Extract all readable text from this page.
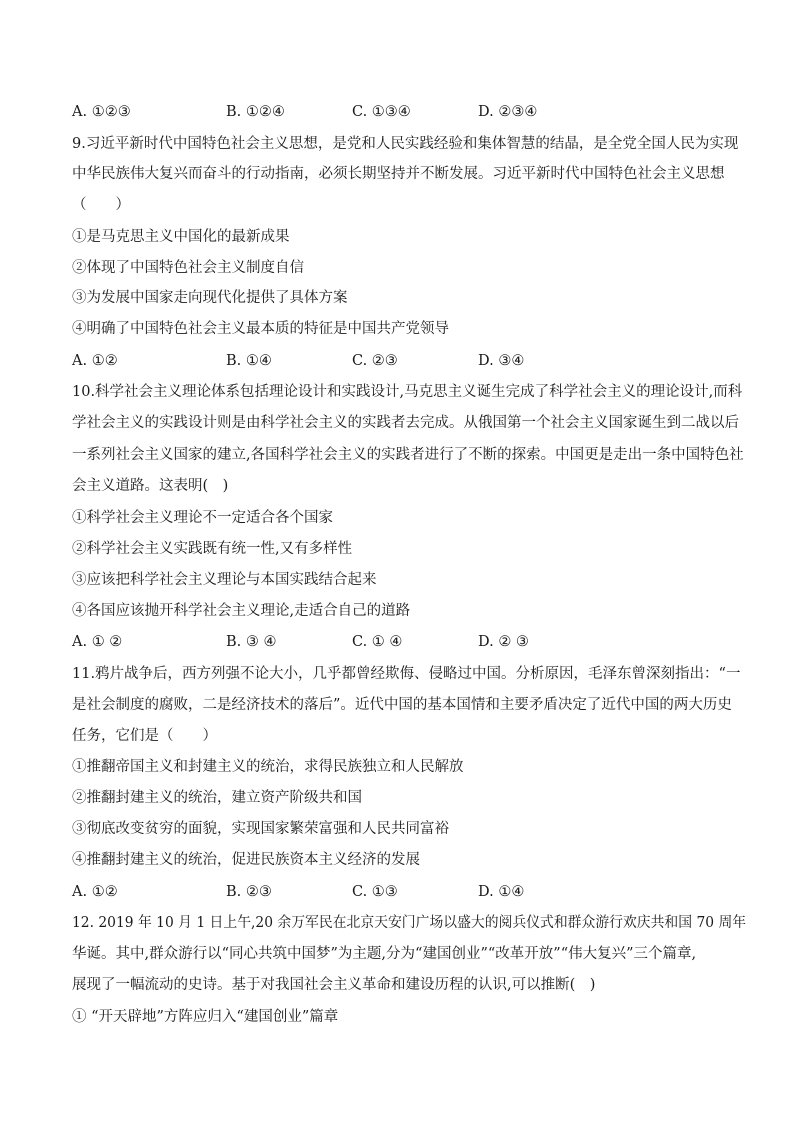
A. ①②③	B. ①②④	C. ①③④	D. ②③④
9.习近平新时代中国特色社会主义思想，是党和人民实践经验和集体智慧的结晶，是全党全国人民为实现
中华民族伟大复兴而奋斗的行动指南，必须长期坚持并不断发展。习近平新时代中国特色社会主义思想
（　　）
①是马克思主义中国化的最新成果
②体现了中国特色社会主义制度自信
③为发展中国家走向现代化提供了具体方案
④明确了中国特色社会主义最本质的特征是中国共产党领导
A. ①②	B. ①④	C. ②③	D. ③④
10.科学社会主义理论体系包括理论设计和实践设计,马克思主义诞生完成了科学社会主义的理论设计,而科
学社会主义的实践设计则是由科学社会主义的实践者去完成。从俄国第一个社会主义国家诞生到二战以后
一系列社会主义国家的建立,各国科学社会主义的实践者进行了不断的探索。中国更是走出一条中国特色社
会主义道路。这表明(　)
①科学社会主义理论不一定适合各个国家
②科学社会主义实践既有统一性,又有多样性
③应该把科学社会主义理论与本国实践结合起来
④各国应该抛开科学社会主义理论,走适合自己的道路
A. ① ②	B. ③ ④	C. ① ④	D. ② ③
11.鸦片战争后，西方列强不论大小，几乎都曾经欺侮、侵略过中国。分析原因，毛泽东曾深刻指出：“一
是社会制度的腐败，二是经济技术的落后”。近代中国的基本国情和主要矛盾决定了近代中国的两大历史
任务，它们是（　　）
①推翻帝国主义和封建主义的统治，求得民族独立和人民解放
②推翻封建主义的统治，建立资产阶级共和国
③彻底改变贫穷的面貌，实现国家繁荣富强和人民共同富裕
④推翻封建主义的统治，促进民族资本主义经济的发展
A. ①②	B. ②③	C. ①③	D. ①④
12. 2019 年 10 月 1 日上午,20 余万军民在北京天安门广场以盛大的阅兵仪式和群众游行欢庆共和国 70 周年
华诞。其中,群众游行以“同心共筑中国梦”为主题,分为“建国创业”“改革开放”“伟大复兴”三个篇章,
展现了一幅流动的史诗。基于对我国社会主义革命和建设历程的认识,可以推断(　)
① “开天辟地”方阵应归入“建国创业”篇章
